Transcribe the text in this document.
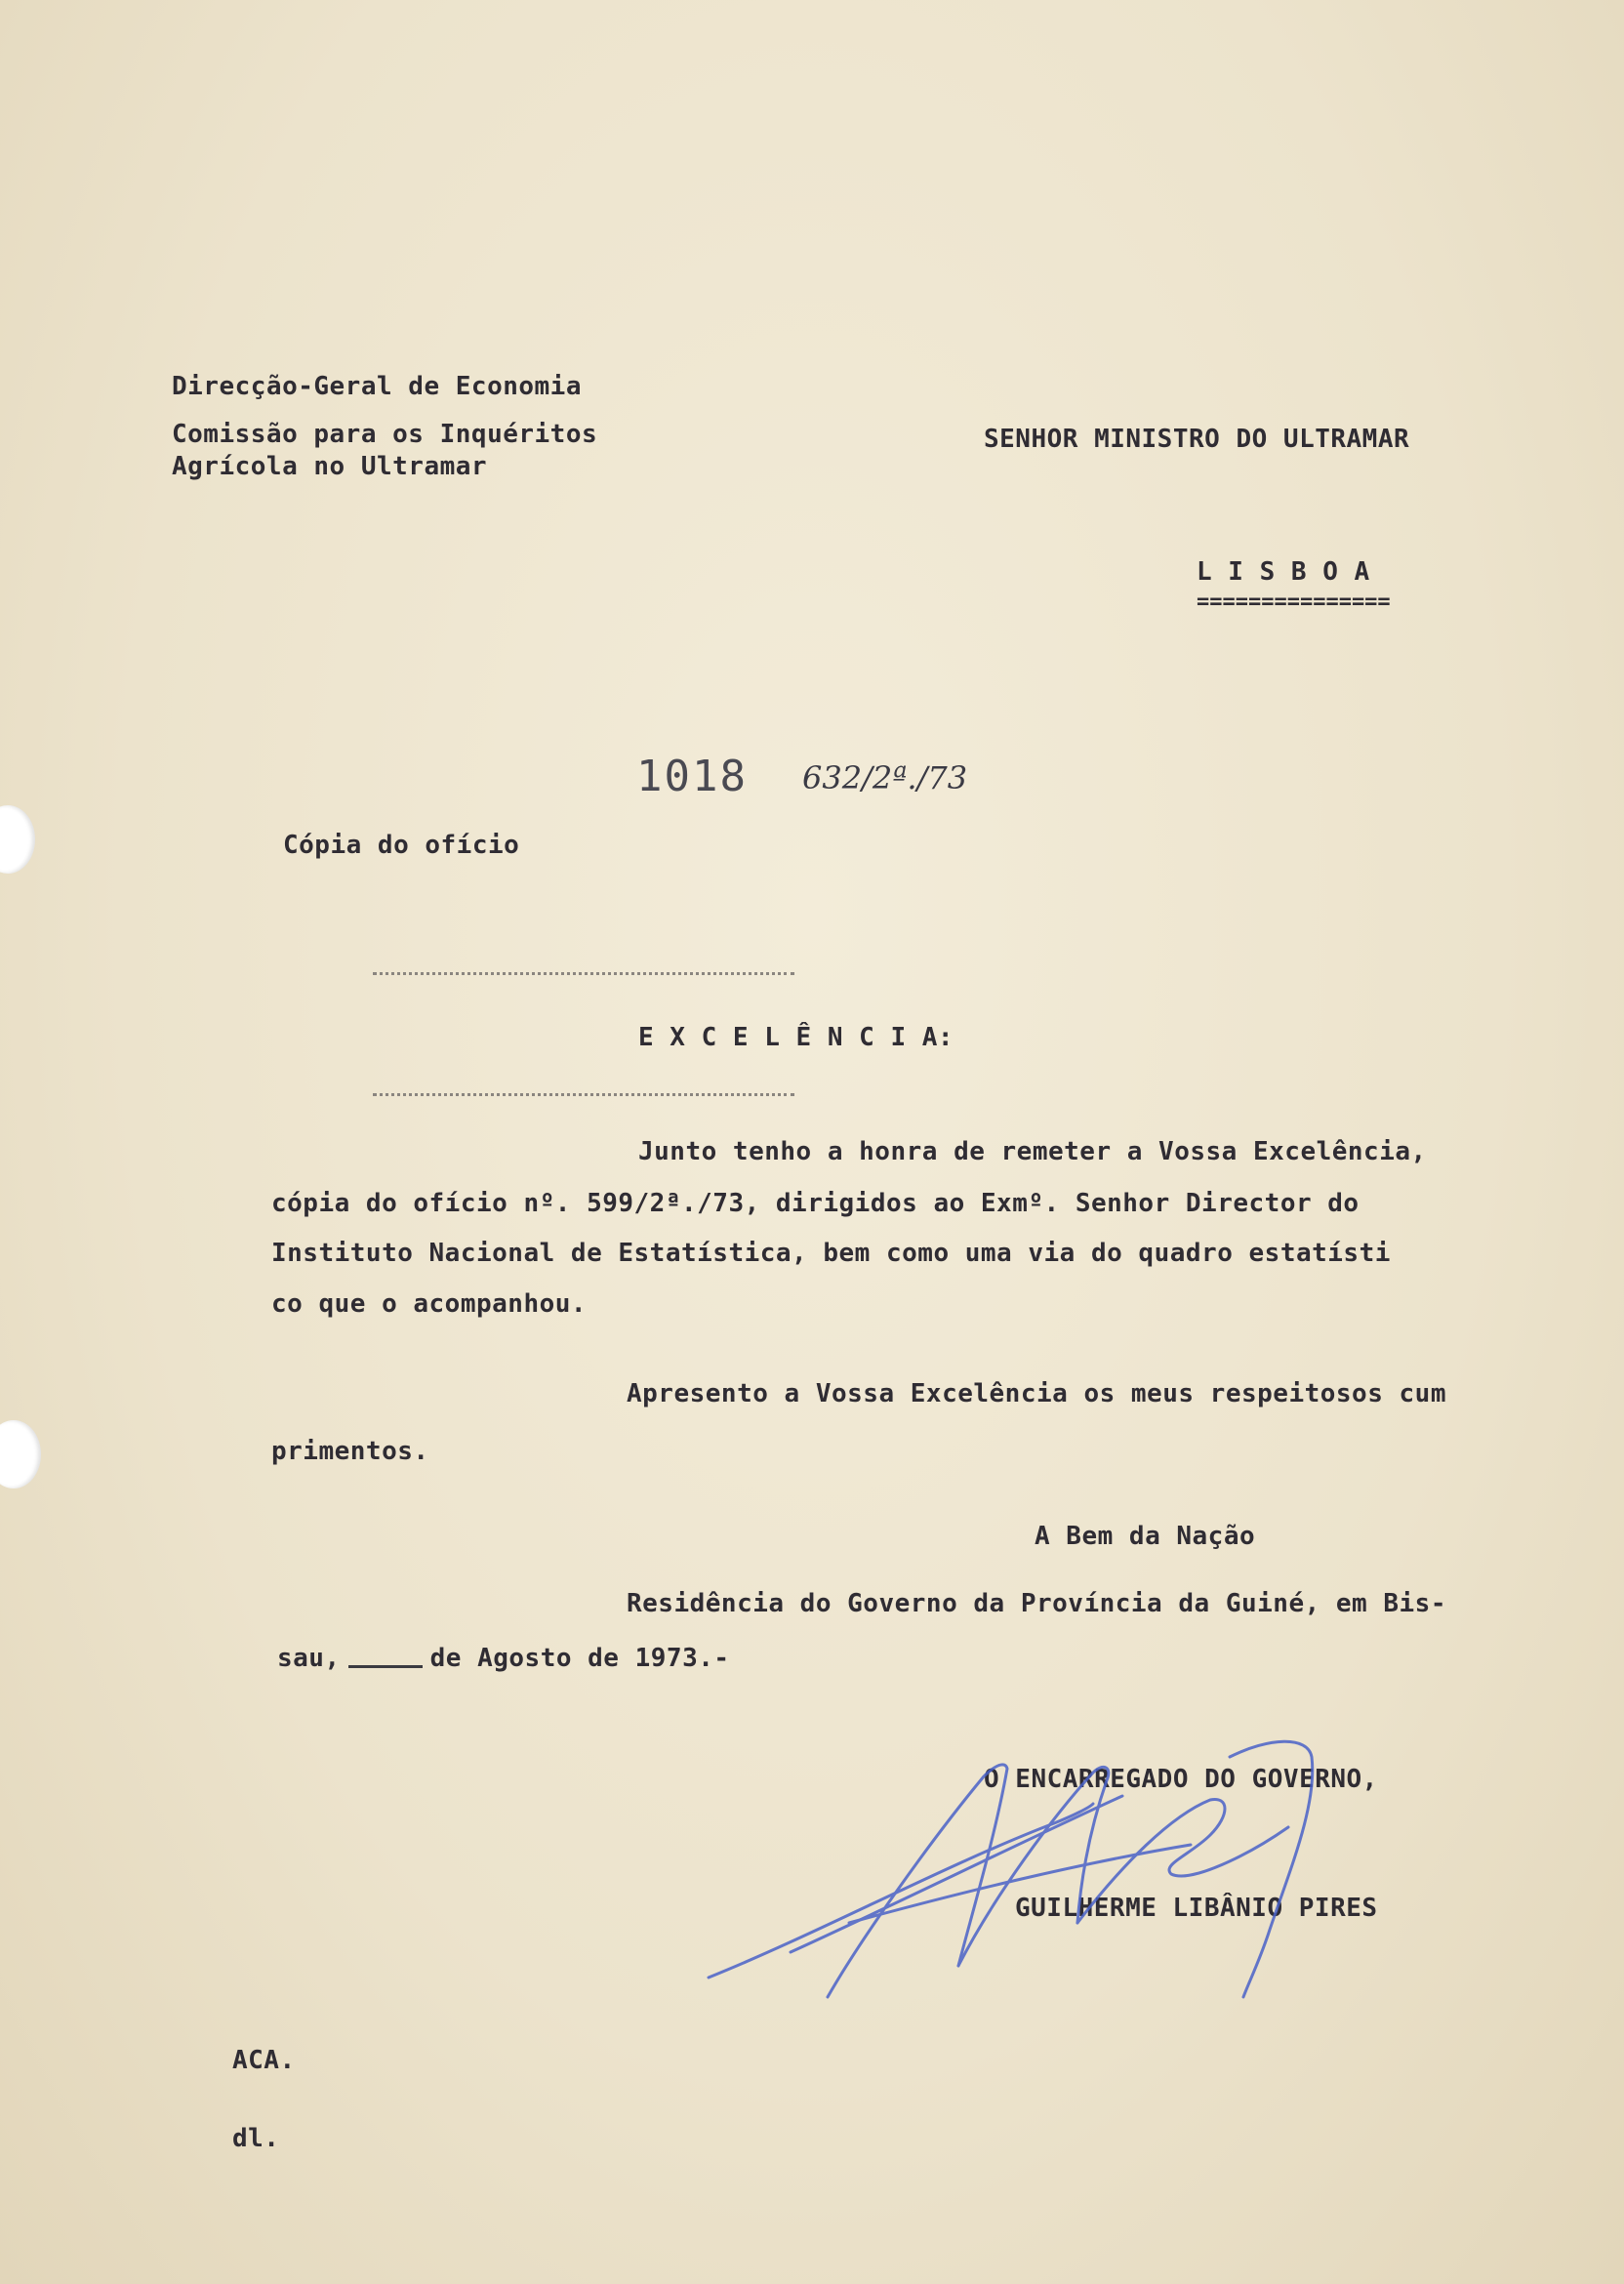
Direcção-Geral de Economia
Comissão para os Inquéritos
Agrícola no Ultramar
SENHOR MINISTRO DO ULTRAMAR
L I S B O A
===============
1018 632/2ª./73
Cópia do ofício
E X C E L Ê N C I A:
Junto tenho a honra de remeter a Vossa Excelência,
cópia do ofício nº. 599/2ª./73, dirigidos ao Exmº. Senhor Director do
Instituto Nacional de Estatística, bem como uma via do quadro estatísti
co que o acompanhou.
Apresento a Vossa Excelência os meus respeitosos cum
primentos.
A Bem da Nação
Residência do Governo da Província da Guiné, em Bis-
sau,	de Agosto de 1973.-
O ENCARREGADO DO GOVERNO,
GUILHERME LIBÂNIO PIRES
ACA.
dl.
